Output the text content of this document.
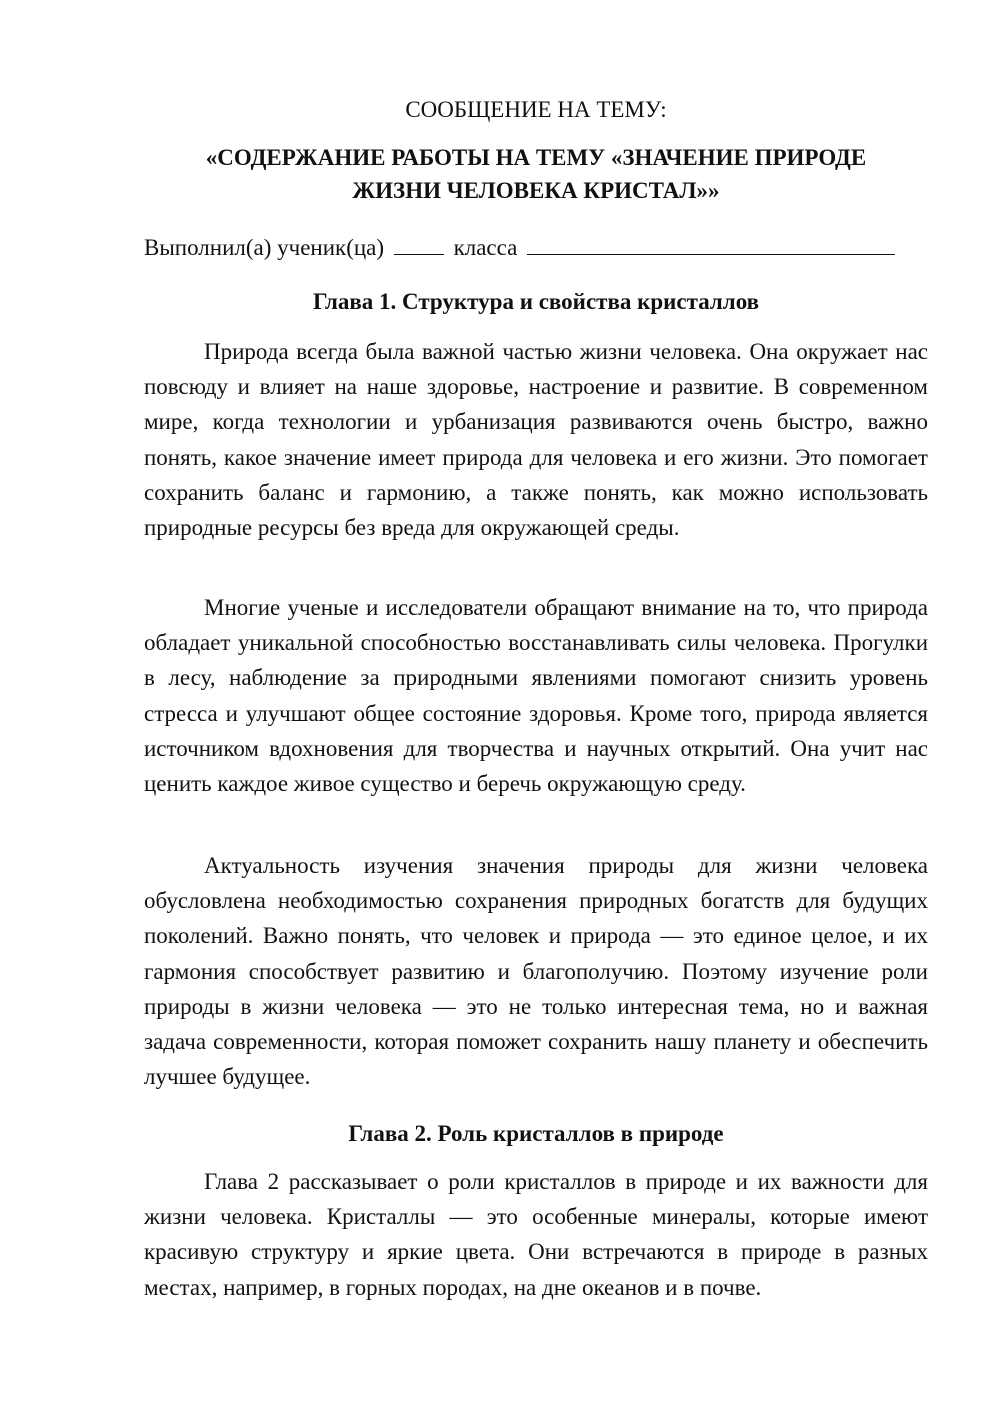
СООБЩЕНИЕ НА ТЕМУ:
«СОДЕРЖАНИЕ РАБОТЫ НА ТЕМУ «ЗНАЧЕНИЕ ПРИРОДЕ
ЖИЗНИ ЧЕЛОВЕКА КРИСТАЛ»»
Выполнил(а) ученик(ца)	класса
Глава 1. Структура и свойства кристаллов

Природа всегда была важной частью жизни человека. Она окружает нас повсюду и влияет на наше здоровье, настроение и развитие. В современном мире, когда технологии и урбанизация развиваются очень быстро, важно понять, какое значение имеет природа для человека и его жизни. Это помогает сохранить баланс и гармонию, а также понять, как можно использовать природные ресурсы без вреда для окружающей среды.

Многие ученые и исследователи обращают внимание на то, что природа обладает уникальной способностью восстанавливать силы человека. Прогулки в лесу, наблюдение за природными явлениями помогают снизить уровень стресса и улучшают общее состояние здоровья. Кроме того, природа является источником вдохновения для творчества и научных открытий. Она учит нас ценить каждое живое существо и беречь окружающую среду.

Актуальность изучения значения природы для жизни человека обусловлена необходимостью сохранения природных богатств для будущих поколений. Важно понять, что человек и природа — это единое целое, и их гармония способствует развитию и благополучию. Поэтому изучение роли природы в жизни человека — это не только интересная тема, но и важная задача современности, которая поможет сохранить нашу планету и обеспечить лучшее будущее.

Глава 2. Роль кристаллов в природе

Глава 2 рассказывает о роли кристаллов в природе и их важности для жизни человека. Кристаллы — это особенные минералы, которые имеют красивую структуру и яркие цвета. Они встречаются в природе в разных местах, например, в горных породах, на дне океанов и в почве.
